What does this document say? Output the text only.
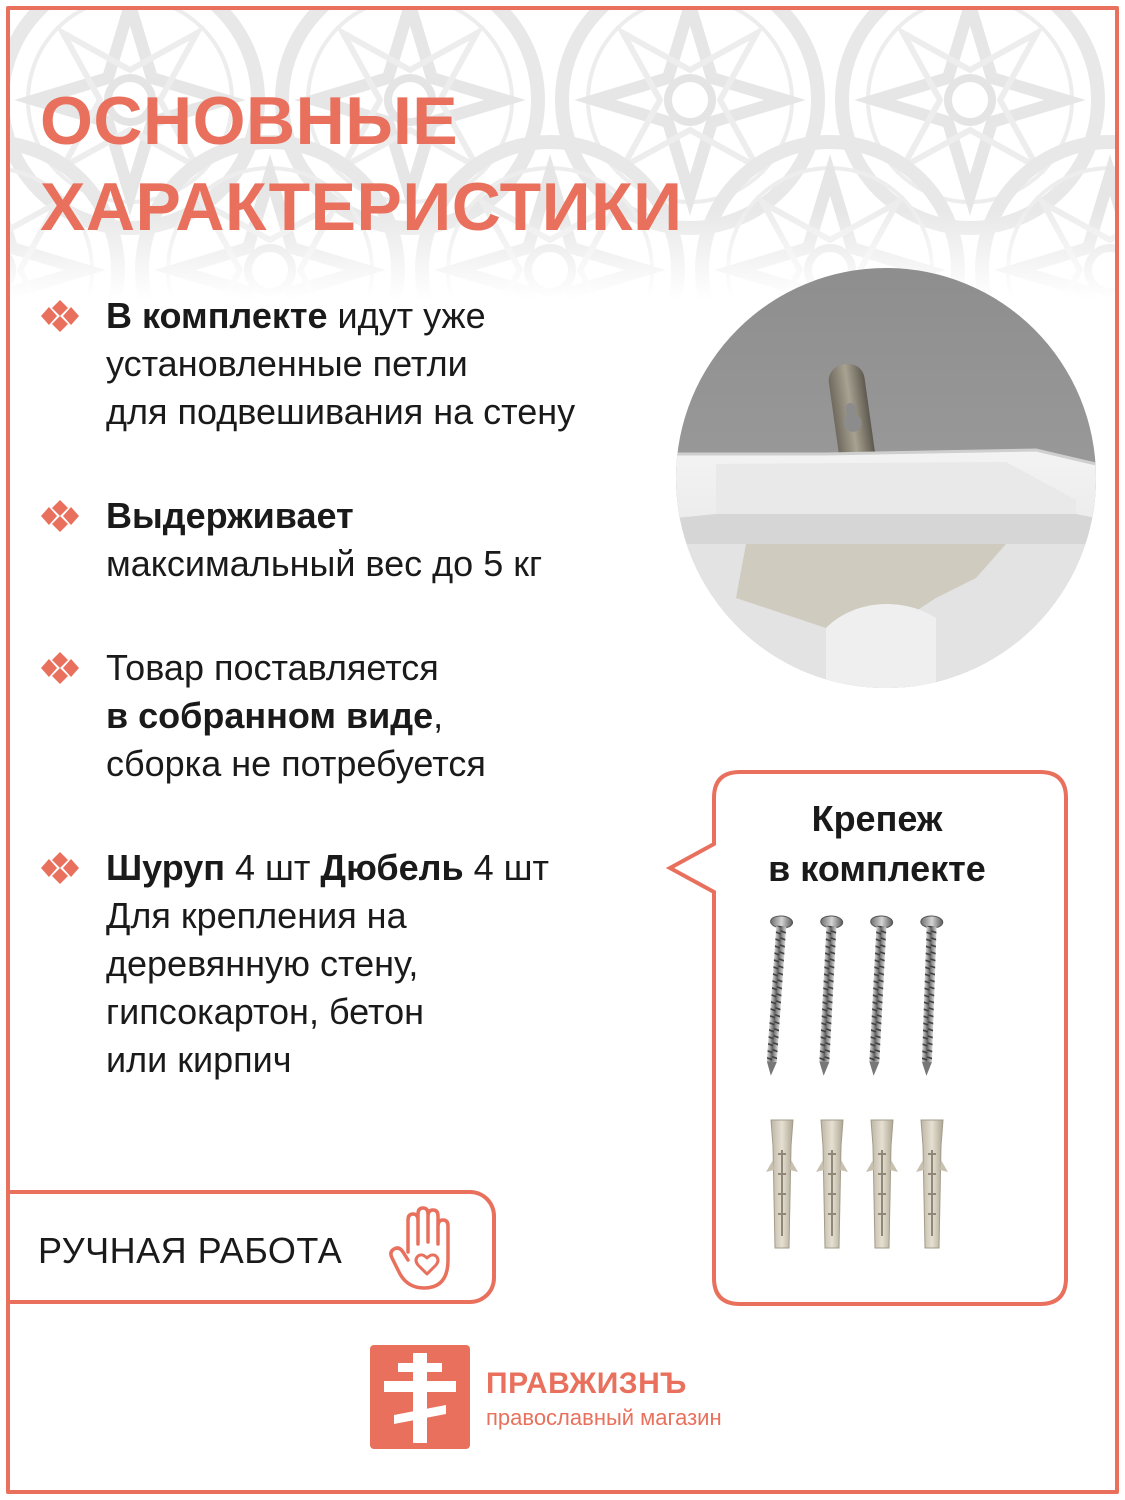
ОСНОВНЫЕ
ХАРАКТЕРИСТИКИ
В комплекте идут уже
установленные петли
для подвешивания на стену
Выдерживает
максимальный вес до 5 кг
Товар поставляется
в собранном виде,
сборка не потребуется
Шуруп 4 шт Дюбель 4 шт
Для крепления на
деревянную стену,
гипсокартон, бетон
или кирпич
Крепеж
в комплекте
РУЧНАЯ РАБОТА
ПРАВЖИЗНЪ
православный магазин
